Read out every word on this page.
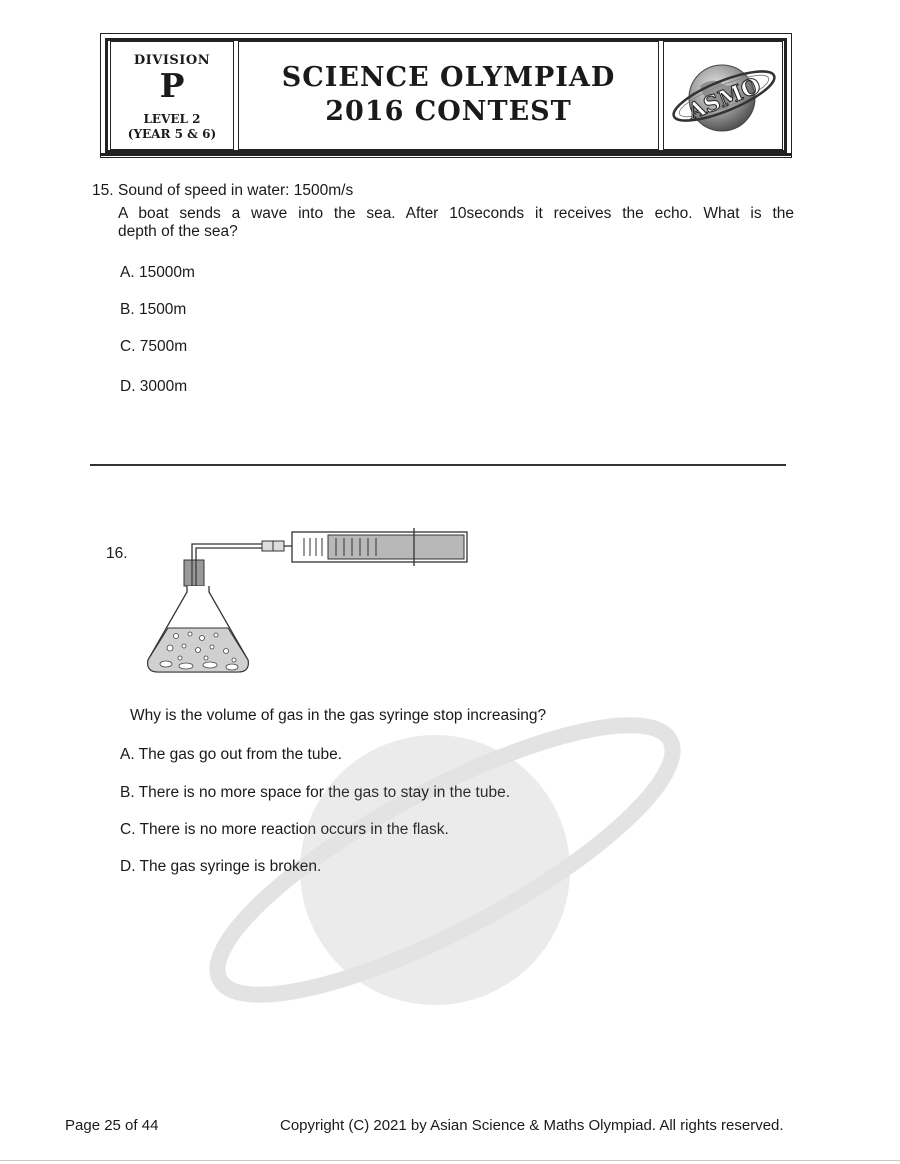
DIVISION
P
LEVEL 2
(YEAR 5 & 6)
SCIENCE OLYMPIAD
2016 CONTEST	ASMO
15. Sound of speed in water: 1500m/s
A boat sends a wave into the sea. After 10seconds it receives the echo. What is the
depth of the sea?
A. 15000m
B. 1500m
C. 7500m
D. 3000m
16.
Why is the volume of gas in the gas syringe stop increasing?
A. The gas go out from the tube.
B. There is no more space for the gas to stay in the tube.
C. There is no more reaction occurs in the flask.
D. The gas syringe is broken.
Page 25 of 44	Copyright (C) 2021 by Asian Science & Maths Olympiad. All rights reserved.
